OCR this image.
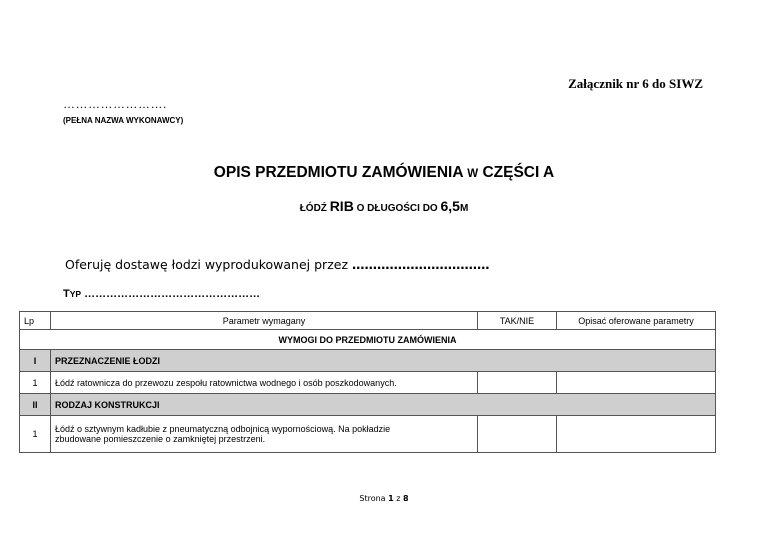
Załącznik nr 6 do SIWZ
…………………….
(PEŁNA NAZWA WYKONAWCY)
OPIS PRZEDMIOTU ZAMÓWIENIA W CZĘŚCI A
ŁÓDŹ RIB O DŁUGOŚCI DO 6,5M
Oferuję dostawę łodzi wyprodukowanej przez ……………………………
TYP …………………………………………
Lp	Parametr wymagany	TAK/NIE	Opisać oferowane parametry
WYMOGI DO PRZEDMIOTU ZAMÓWIENIA			
I	PRZEZNACZENIE ŁODZI		
1	Łódź ratownicza do przewozu zespołu ratownictwa wodnego i osób poszkodowanych.		
II	RODZAJ KONSTRUKCJI		
1	Łódź o sztywnym kadłubie z pneumatyczną odbojnicą wypornościową. Na pokładzie
zbudowane pomieszczenie o zamkniętej przestrzeni.		

Strona 1 z 8
